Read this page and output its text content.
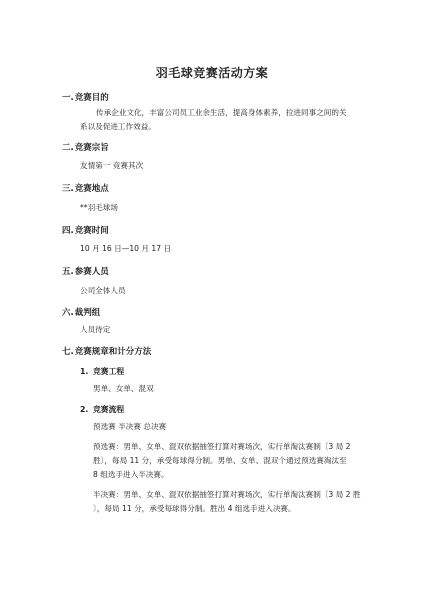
羽毛球竞赛活动方案
一.竞赛目的
传承企业文化，丰富公司员工业余生活，提高身体素养，拉进同事之间的关
系以及促进工作效益。
二.竞赛宗旨
友情第一 竞赛其次
三.竞赛地点
**羽毛球场
四.竞赛时间
10 月 16 日—10 月 17 日
五.参赛人员
公司全体人员
六.裁判组
人员待定
七.竞赛规章和计分方法
1. 竞赛工程
男单、女单、混双
2. 竞赛流程
预选赛 半决赛 总决赛
预选赛：男单、女单、混双依据抽签打算对赛场次，实行单淘汰赛制〔3 局 2
胜〕，每局 11 分，承受每球得分制。男单、女单、混双个通过预选赛淘汰至
8 组选手进入半决赛。
半决赛：男单、女单、混双依据抽签打算对赛场次，实行单淘汰赛制〔3 局 2 胜
〕，每局 11 分，承受每球得分制。胜出 4 组选手进入决赛。
